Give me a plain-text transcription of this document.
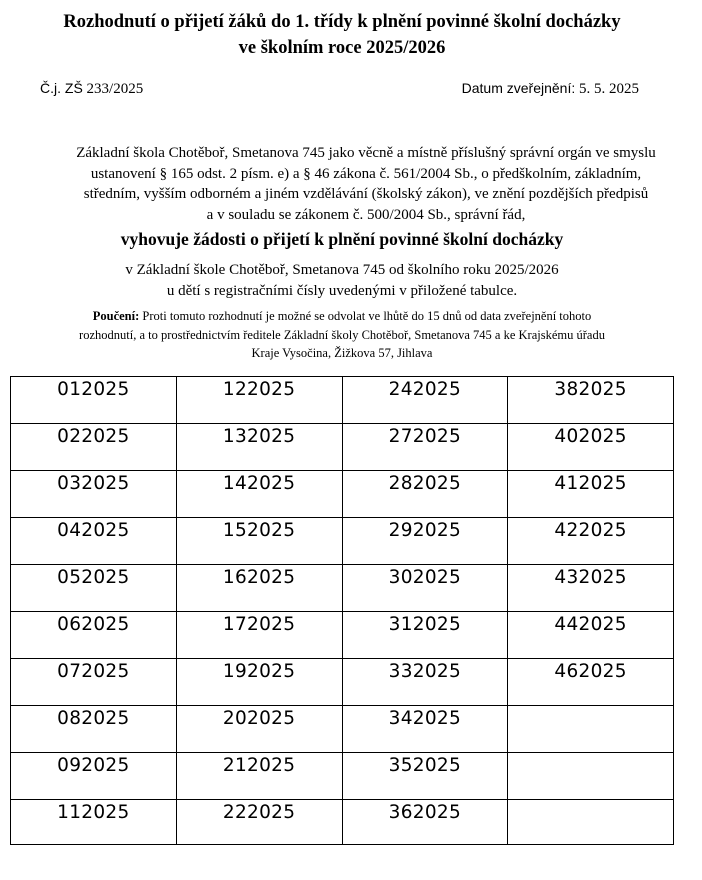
Rozhodnutí o přijetí žáků do 1. třídy k plnění povinné školní docházky
ve školním roce 2025/2026
Č.j. ZŠ 233/2025	Datum zveřejnění: 5. 5. 2025
Základní škola Chotěboř, Smetanova 745 jako věcně a místně příslušný správní orgán ve smyslu
ustanovení § 165 odst. 2 písm. e) a § 46 zákona č. 561/2004 Sb., o předškolním, základním,
středním, vyšším odborném a jiném vzdělávání (školský zákon), ve znění pozdějších předpisů
a v souladu se zákonem č. 500/2004 Sb., správní řád,
vyhovuje žádosti o přijetí k plnění povinné školní docházky
v Základní škole Chotěboř, Smetanova 745 od školního roku 2025/2026
u dětí s registračními čísly uvedenými v přiložené tabulce.
Poučení: Proti tomuto rozhodnutí je možné se odvolat ve lhůtě do 15 dnů od data zveřejnění tohoto
rozhodnutí, a to prostřednictvím ředitele Základní školy Chotěboř, Smetanova 745 a ke Krajskému úřadu
Kraje Vysočina, Žižkova 57, Jihlava
012025	122025	242025	382025
022025	132025	272025	402025
032025	142025	282025	412025
042025	152025	292025	422025
052025	162025	302025	432025
062025	172025	312025	442025
072025	192025	332025	462025
082025	202025	342025	
092025	212025	352025	
112025	222025	362025	
